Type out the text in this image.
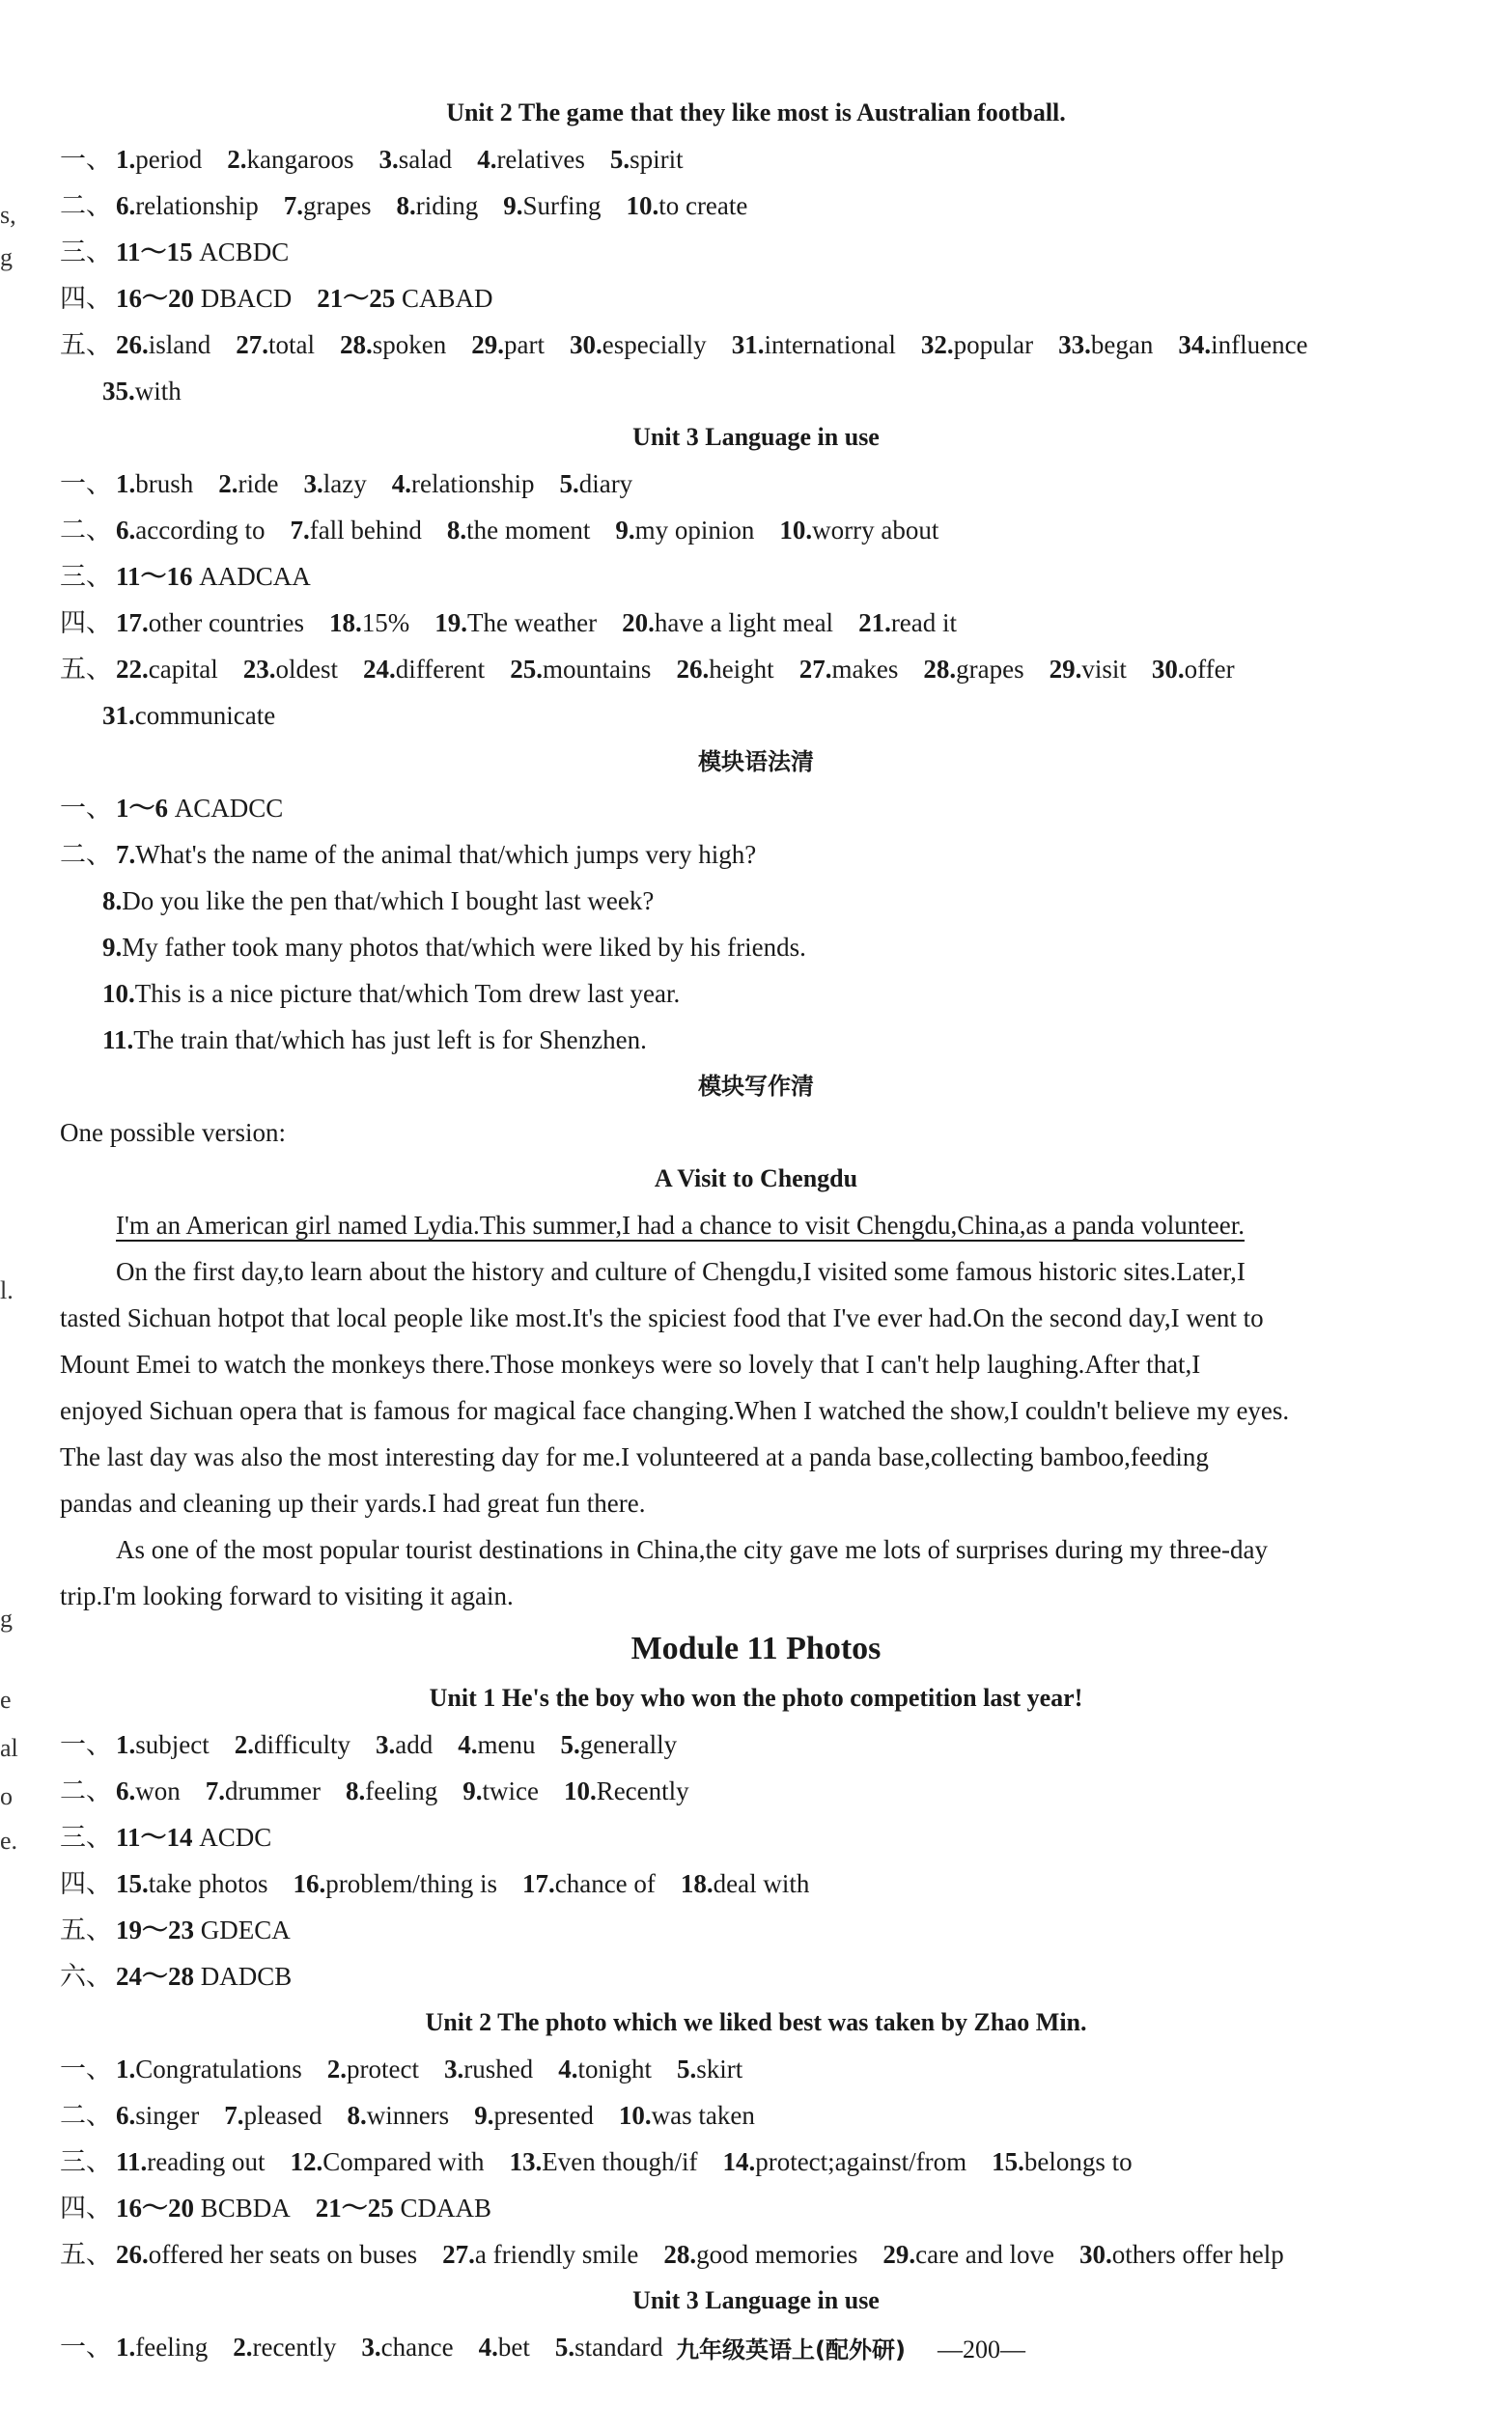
Unit 2 The game that they like most is Australian football.
一、 1.period 2.kangaroos 3.salad 4.relatives 5.spirit
二、 6.relationship 7.grapes 8.riding 9.Surfing 10.to create
三、 11～15 ACBDC
四、 16～20 DBACD 21～25 CABAD
五、 26.island 27.total 28.spoken 29.part 30.especially 31.international 32.popular 33.began 34.influence
35.with
Unit 3 Language in use
一、 1.brush 2.ride 3.lazy 4.relationship 5.diary
二、 6.according to 7.fall behind 8.the moment 9.my opinion 10.worry about
三、 11～16 AADCAA
四、 17.other countries 18.15% 19.The weather 20.have a light meal 21.read it
五、 22.capital 23.oldest 24.different 25.mountains 26.height 27.makes 28.grapes 29.visit 30.offer
31.communicate
模块语法清
一、 1～6 ACADCC
二、 7.What's the name of the animal that/which jumps very high?
8.Do you like the pen that/which I bought last week?
9.My father took many photos that/which were liked by his friends.
10.This is a nice picture that/which Tom drew last year.
11.The train that/which has just left is for Shenzhen.
模块写作清
One possible version:
A Visit to Chengdu
I'm an American girl named Lydia.This summer,I had a chance to visit Chengdu,China,as a panda volunteer.
On the first day,to learn about the history and culture of Chengdu,I visited some famous historic sites.Later,I
tasted Sichuan hotpot that local people like most.It's the spiciest food that I've ever had.On the second day,I went to
Mount Emei to watch the monkeys there.Those monkeys were so lovely that I can't help laughing.After that,I
enjoyed Sichuan opera that is famous for magical face changing.When I watched the show,I couldn't believe my eyes.
The last day was also the most interesting day for me.I volunteered at a panda base,collecting bamboo,feeding
pandas and cleaning up their yards.I had great fun there.
As one of the most popular tourist destinations in China,the city gave me lots of surprises during my three-day
trip.I'm looking forward to visiting it again.
Module 11 Photos
Unit 1 He's the boy who won the photo competition last year!
一、 1.subject 2.difficulty 3.add 4.menu 5.generally
二、 6.won 7.drummer 8.feeling 9.twice 10.Recently
三、 11～14 ACDC
四、 15.take photos 16.problem/thing is 17.chance of 18.deal with
五、 19～23 GDECA
六、 24～28 DADCB
Unit 2 The photo which we liked best was taken by Zhao Min.
一、 1.Congratulations 2.protect 3.rushed 4.tonight 5.skirt
二、 6.singer 7.pleased 8.winners 9.presented 10.was taken
三、 11.reading out 12.Compared with 13.Even though/if 14.protect;against/from 15.belongs to
四、 16～20 BCBDA 21～25 CDAAB
五、 26.offered her seats on buses 27.a friendly smile 28.good memories 29.care and love 30.others offer help
Unit 3 Language in use
一、 1.feeling 2.recently 3.chance 4.bet 5.standard
s,
g
l.
g
e
al
o
e.
九年级英语上(配外研) —200—
